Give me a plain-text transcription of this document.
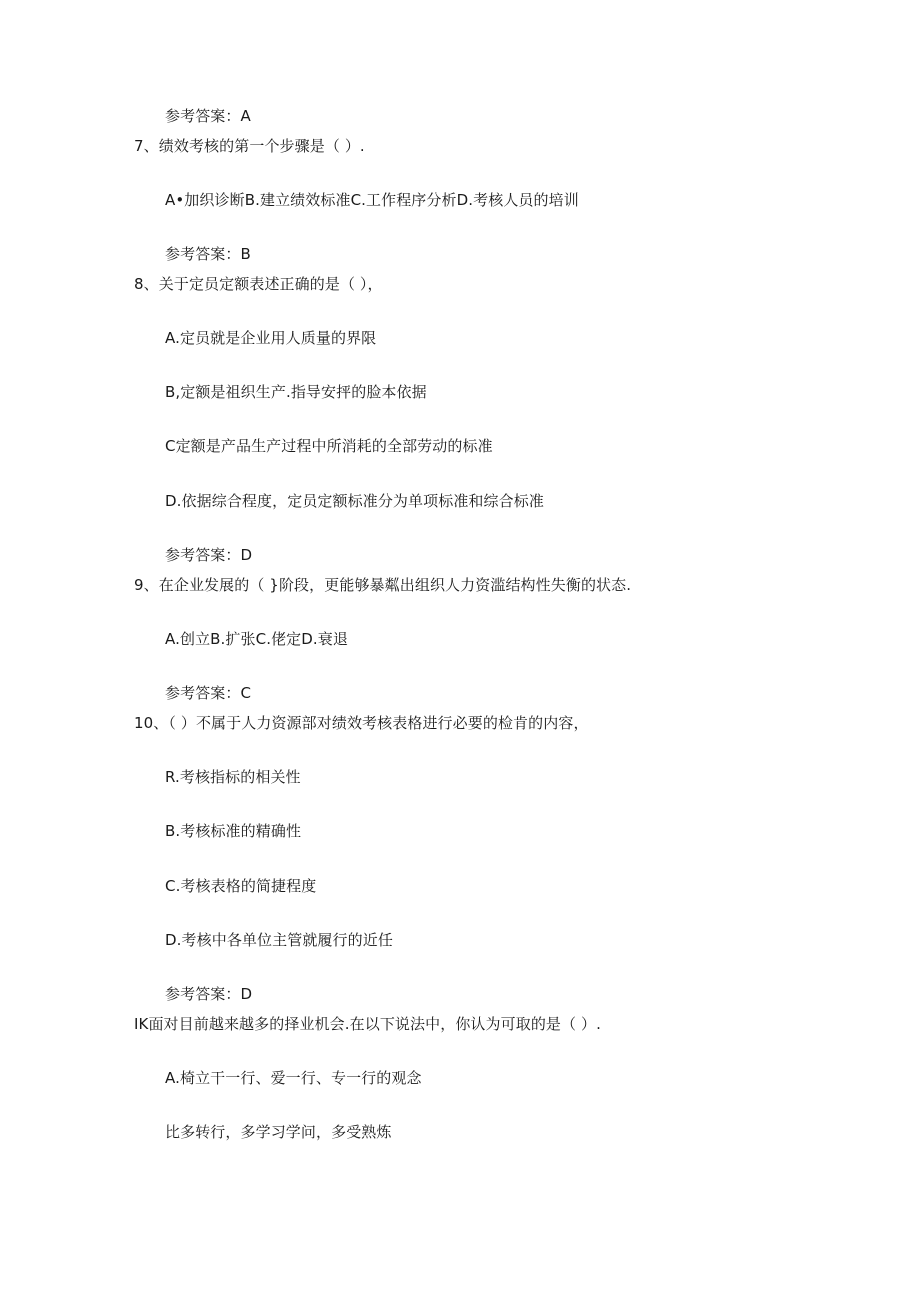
参考答案：A
7、绩效考核的第一个步骤是（ ）.
A•加织诊断B.建立绩效标准C.工作程序分析D.考核人员的培训
参考答案：B
8、关于定员定额表述正确的是（ ），
A.定员就是企业用人质量的界限
B,定额是祖织生产.指导安抨的脸本依据
C定额是产品生产过程中所消耗的全部劳动的标准
D.依据综合程度，定员定额标准分为单项标准和综合标准
参考答案：D
9、在企业发展的（ }阶段，更能够暴粼出组织人力资滥结构性失衡的状态.
A.创立B.扩张C.佬定D.衰退
参考答案：C
10、（ ）不属于人力资源部对绩效考核表格进行必要的检肯的内容，
R.考核指标的相关性
B.考核标准的精确性
C.考核表格的简捷程度
D.考核中各单位主管就履行的近任
参考答案：D
IK面对目前越来越多的择业机会.在以下说法中，你认为可取的是（ ）.
A.椅立干一行、爱一行、专一行的观念
比多转行，多学习学问，多受熟炼
